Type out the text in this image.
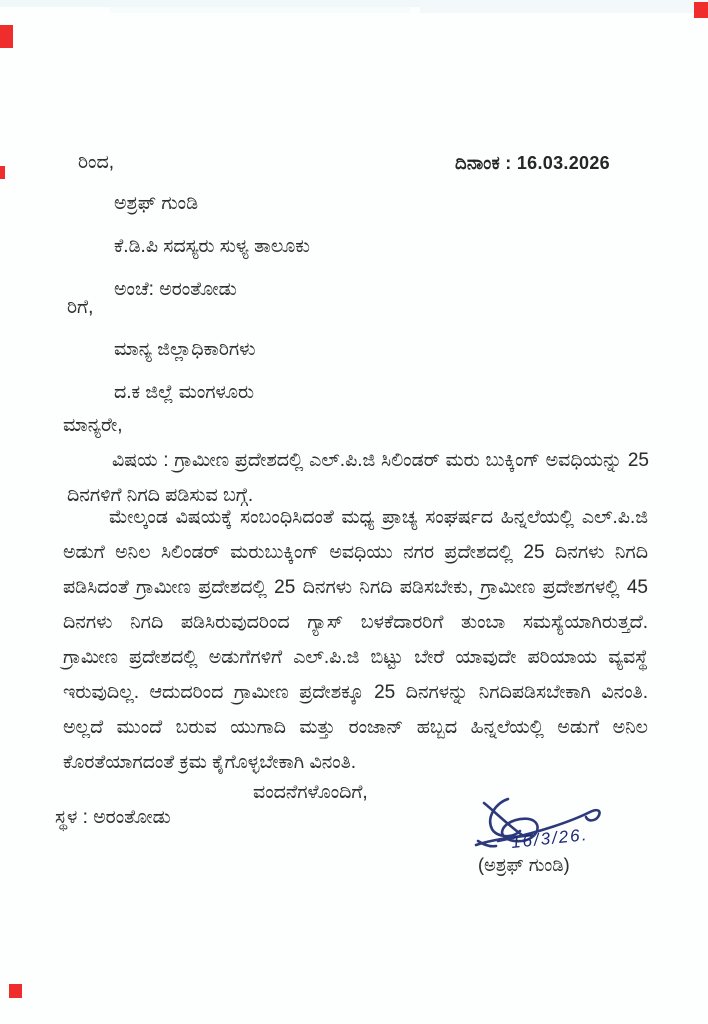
ರಿಂದ,	ದಿನಾಂಕ : 16.03.2026
ಅಶ್ರಫ್ ಗುಂಡಿ
ಕೆ.ಡಿ.ಪಿ ಸದಸ್ಯರು ಸುಳ್ಯ ತಾಲೂಕು
ಅಂಚೆ: ಅರಂತೋಡು
ರಿಗೆ,
ಮಾನ್ಯ ಜಿಲ್ಲಾಧಿಕಾರಿಗಳು
ದ.ಕ ಜಿಲ್ಲೆ ಮಂಗಳೂರು
ಮಾನ್ಯರೇ,
ವಿಷಯ : ಗ್ರಾಮೀಣ ಪ್ರದೇಶದಲ್ಲಿ ಎಲ್.ಪಿ.ಜಿ ಸಿಲಿಂಡರ್ ಮರು ಬುಕ್ಕಿಂಗ್ ಅವಧಿಯನ್ನು 25
ದಿನಗಳಿಗೆ ನಿಗದಿ ಪಡಿಸುವ ಬಗ್ಗೆ.
ಮೇಲ್ಕಂಡ ವಿಷಯಕ್ಕೆ ಸಂಬಂಧಿಸಿದಂತೆ ಮಧ್ಯ ಪ್ರಾಚ್ಯ ಸಂಘರ್ಷದ ಹಿನ್ನಲೆಯಲ್ಲಿ ಎಲ್.ಪಿ.ಜಿ
ಅಡುಗೆ ಅನಿಲ ಸಿಲಿಂಡರ್ ಮರುಬುಕ್ಕಿಂಗ್ ಅವಧಿಯು ನಗರ ಪ್ರದೇಶದಲ್ಲಿ 25 ದಿನಗಳು ನಿಗದಿ
ಪಡಿಸಿದಂತೆ ಗ್ರಾಮೀಣ ಪ್ರದೇಶದಲ್ಲಿ 25 ದಿನಗಳು ನಿಗದಿ ಪಡಿಸಬೇಕು, ಗ್ರಾಮೀಣ ಪ್ರದೇಶಗಳಲ್ಲಿ 45
ದಿನಗಳು ನಿಗದಿ ಪಡಿಸಿರುವುದರಿಂದ ಗ್ಯಾಸ್ ಬಳಕೆದಾರರಿಗೆ ತುಂಬಾ ಸಮಸ್ಯೆಯಾಗಿರುತ್ತದೆ.
ಗ್ರಾಮೀಣ ಪ್ರದೇಶದಲ್ಲಿ ಅಡುಗೆಗಳಿಗೆ ಎಲ್.ಪಿ.ಜಿ ಬಿಟ್ಟು ಬೇರೆ ಯಾವುದೇ ಪರಿಯಾಯ ವ್ಯವಸ್ಥೆ
ಇರುವುದಿಲ್ಲ. ಆದುದರಿಂದ ಗ್ರಾಮೀಣ ಪ್ರದೇಶಕ್ಕೂ 25 ದಿನಗಳನ್ನು ನಿಗದಿಪಡಿಸಬೇಕಾಗಿ ವಿನಂತಿ.
ಅಲ್ಲದೆ ಮುಂದೆ ಬರುವ ಯುಗಾದಿ ಮತ್ತು ರಂಜಾನ್ ಹಬ್ಬದ ಹಿನ್ನಲೆಯಲ್ಲಿ ಅಡುಗೆ ಅನಿಲ
ಕೊರತೆಯಾಗದಂತೆ ಕ್ರಮ ಕೈಗೊಳ್ಳಬೇಕಾಗಿ ವಿನಂತಿ.
ವಂದನೆಗಳೊಂದಿಗೆ,
ಸ್ಥಳ : ಅರಂತೋಡು
16/3/26.
(ಅಶ್ರಫ್ ಗುಂಡಿ)
